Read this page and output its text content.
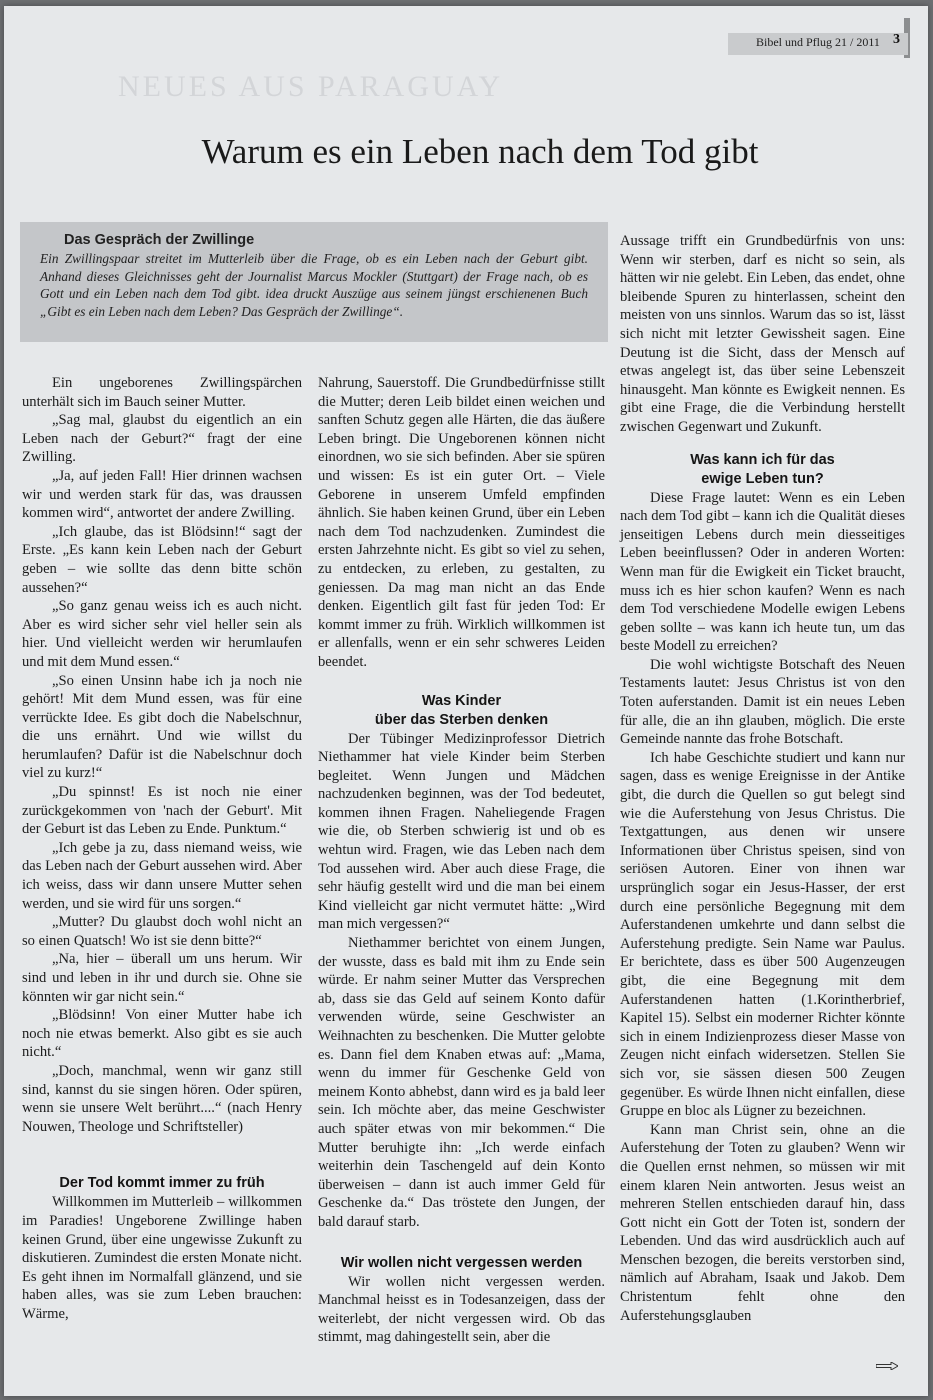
Bibel und Pflug 21 / 2011 3
NEUES AUS PARAGUAY
Warum es ein Leben nach dem Tod gibt
Das Gespräch der Zwillinge
Ein Zwillingspaar streitet im Mutterleib über die Frage, ob es ein Leben nach der Geburt gibt. Anhand dieses Gleichnisses geht der Journalist Marcus Mockler (Stuttgart) der Frage nach, ob es Gott und ein Leben nach dem Tod gibt. idea druckt Auszüge aus seinem jüngst erschienenen Buch „Gibt es ein Leben nach dem Leben? Das Gespräch der Zwillinge“.

Ein ungeborenes Zwillingspärchen unterhält sich im Bauch seiner Mutter.

„Sag mal, glaubst du eigentlich an ein Leben nach der Geburt?“ fragt der eine Zwilling.

„Ja, auf jeden Fall! Hier drinnen wachsen wir und werden stark für das, was draussen kommen wird“, antwortet der andere Zwilling.

„Ich glaube, das ist Blödsinn!“ sagt der Erste. „Es kann kein Leben nach der Geburt geben – wie sollte das denn bitte schön aussehen?“

„So ganz genau weiss ich es auch nicht. Aber es wird sicher sehr viel heller sein als hier. Und vielleicht werden wir herumlaufen und mit dem Mund essen.“

„So einen Unsinn habe ich ja noch nie gehört! Mit dem Mund essen, was für eine verrückte Idee. Es gibt doch die Nabelschnur, die uns ernährt. Und wie willst du herumlaufen? Dafür ist die Nabelschnur doch viel zu kurz!“

„Du spinnst! Es ist noch nie einer zurückgekommen von 'nach der Geburt'. Mit der Geburt ist das Leben zu Ende. Punktum.“

„Ich gebe ja zu, dass niemand weiss, wie das Leben nach der Geburt aussehen wird. Aber ich weiss, dass wir dann unsere Mutter sehen werden, und sie wird für uns sorgen.“

„Mutter? Du glaubst doch wohl nicht an so einen Quatsch! Wo ist sie denn bitte?“

„Na, hier – überall um uns herum. Wir sind und leben in ihr und durch sie. Ohne sie könnten wir gar nicht sein.“

„Blödsinn! Von einer Mutter habe ich noch nie etwas bemerkt. Also gibt es sie auch nicht.“

„Doch, manchmal, wenn wir ganz still sind, kannst du sie singen hören. Oder spüren, wenn sie unsere Welt berührt....“ (nach Henry Nouwen, Theologe und Schriftsteller)

Der Tod kommt immer zu früh

Willkommen im Mutterleib – willkommen im Paradies! Ungeborene Zwillinge haben keinen Grund, über eine ungewisse Zukunft zu diskutieren. Zumindest die ersten Monate nicht. Es geht ihnen im Normalfall glänzend, und sie haben alles, was sie zum Leben brauchen: Wärme,

Nahrung, Sauerstoff. Die Grundbedürfnisse stillt die Mutter; deren Leib bildet einen weichen und sanften Schutz gegen alle Härten, die das äußere Leben bringt. Die Ungeborenen können nicht einordnen, wo sie sich befinden. Aber sie spüren und wissen: Es ist ein guter Ort. – Viele Geborene in unserem Umfeld empfinden ähnlich. Sie haben keinen Grund, über ein Leben nach dem Tod nachzudenken. Zumindest die ersten Jahrzehnte nicht. Es gibt so viel zu sehen, zu entdecken, zu erleben, zu gestalten, zu geniessen. Da mag man nicht an das Ende denken. Eigentlich gilt fast für jeden Tod: Er kommt immer zu früh. Wirklich willkommen ist er allenfalls, wenn er ein sehr schweres Leiden beendet.

Was Kinder
über das Sterben denken

Der Tübinger Medizinprofessor Dietrich Niethammer hat viele Kinder beim Sterben begleitet. Wenn Jungen und Mädchen nachzudenken beginnen, was der Tod bedeutet, kommen ihnen Fragen. Naheliegende Fragen wie die, ob Sterben schwierig ist und ob es wehtun wird. Fragen, wie das Leben nach dem Tod aussehen wird. Aber auch diese Frage, die sehr häufig gestellt wird und die man bei einem Kind vielleicht gar nicht vermutet hätte: „Wird man mich vergessen?“

Niethammer berichtet von einem Jungen, der wusste, dass es bald mit ihm zu Ende sein würde. Er nahm seiner Mutter das Versprechen ab, dass sie das Geld auf seinem Konto dafür verwenden würde, seine Geschwister an Weihnachten zu beschenken. Die Mutter gelobte es. Dann fiel dem Knaben etwas auf: „Mama, wenn du immer für Geschenke Geld von meinem Konto abhebst, dann wird es ja bald leer sein. Ich möchte aber, das meine Geschwister auch später etwas von mir bekommen.“ Die Mutter beruhigte ihn: „Ich werde einfach weiterhin dein Taschengeld auf dein Konto überweisen – dann ist auch immer Geld für Geschenke da.“ Das tröstete den Jungen, der bald darauf starb.

Wir wollen nicht vergessen werden

Wir wollen nicht vergessen werden. Manchmal heisst es in Todesanzeigen, dass der weiterlebt, der nicht vergessen wird. Ob das stimmt, mag dahingestellt sein, aber die

Aussage trifft ein Grundbedürfnis von uns: Wenn wir sterben, darf es nicht so sein, als hätten wir nie gelebt. Ein Leben, das endet, ohne bleibende Spuren zu hinterlassen, scheint den meisten von uns sinnlos. Warum das so ist, lässt sich nicht mit letzter Gewissheit sagen. Eine Deutung ist die Sicht, dass der Mensch auf etwas angelegt ist, das über seine Lebenszeit hinausgeht. Man könnte es Ewigkeit nennen. Es gibt eine Frage, die die Verbindung herstellt zwischen Gegenwart und Zukunft.

Was kann ich für das
ewige Leben tun?

Diese Frage lautet: Wenn es ein Leben nach dem Tod gibt – kann ich die Qualität dieses jenseitigen Lebens durch mein diesseitiges Leben beeinflussen? Oder in anderen Worten: Wenn man für die Ewigkeit ein Ticket braucht, muss ich es hier schon kaufen? Wenn es nach dem Tod verschiedene Modelle ewigen Lebens geben sollte – was kann ich heute tun, um das beste Modell zu erreichen?

Die wohl wichtigste Botschaft des Neuen Testaments lautet: Jesus Christus ist von den Toten auferstanden. Damit ist ein neues Leben für alle, die an ihn glauben, möglich. Die erste Gemeinde nannte das frohe Botschaft.

Ich habe Geschichte studiert und kann nur sagen, dass es wenige Ereignisse in der Antike gibt, die durch die Quellen so gut belegt sind wie die Auferstehung von Jesus Christus. Die Textgattungen, aus denen wir unsere Informationen über Christus speisen, sind von seriösen Autoren. Einer von ihnen war ursprünglich sogar ein Jesus-Hasser, der erst durch eine persönliche Begegnung mit dem Auferstandenen umkehrte und dann selbst die Auferstehung predigte. Sein Name war Paulus. Er berichtete, dass es über 500 Augenzeugen gibt, die eine Begegnung mit dem Auferstandenen hatten (1.Korintherbrief, Kapitel 15). Selbst ein moderner Richter könnte sich in einem Indizienprozess dieser Masse von Zeugen nicht einfach widersetzen. Stellen Sie sich vor, sie sässen diesen 500 Zeugen gegenüber. Es würde Ihnen nicht einfallen, diese Gruppe en bloc als Lügner zu bezeichnen.

Kann man Christ sein, ohne an die Auferstehung der Toten zu glauben? Wenn wir die Quellen ernst nehmen, so müssen wir mit einem klaren Nein antworten. Jesus weist an mehreren Stellen entschieden darauf hin, dass Gott nicht ein Gott der Toten ist, sondern der Lebenden. Und das wird ausdrücklich auch auf Menschen bezogen, die bereits verstorben sind, nämlich auf Abraham, Isaak und Jakob. Dem Christentum fehlt ohne den Auferstehungsglauben
